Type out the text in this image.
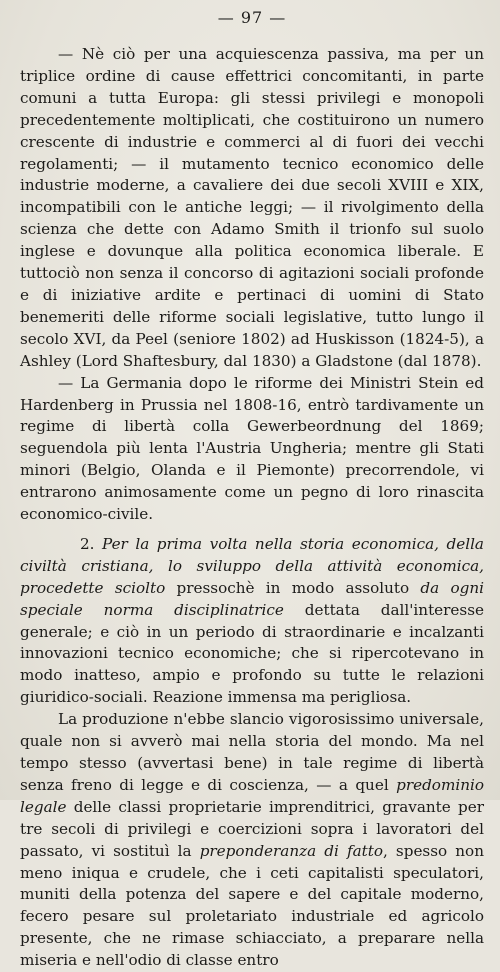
— 97 —

— Nè ciò per una acquiescenza passiva, ma per un triplice ordine di cause effettrici concomitanti, in parte comuni a tutta Europa: gli stessi privilegi e monopoli precedentemente moltiplicati, che costituirono un numero crescente di industrie e commerci al di fuori dei vecchi regolamenti; — il mutamento tecnico economico delle industrie moderne, a cavaliere dei due secoli XVIII e XIX, incompatibili con le antiche leggi; — il rivolgimento della scienza che dette con Adamo Smith il trionfo sul suolo inglese e dovunque alla politica economica liberale. E tuttociò non senza il concorso di agitazioni sociali profonde e di iniziative ardite e pertinaci di uomini di Stato benemeriti delle riforme sociali legislative, tutto lungo il secolo XVI, da Peel (seniore 1802) ad Huskisson (1824-5), a Ashley (Lord Shaftesbury, dal 1830) a Gladstone (dal 1878).

— La Germania dopo le riforme dei Ministri Stein ed Hardenberg in Prussia nel 1808-16, entrò tardivamente un regime di libertà colla Gewerbeordnung del 1869; seguendola più lenta l'Austria Ungheria; mentre gli Stati minori (Belgio, Olanda e il Piemonte) precorrendole, vi entrarono animosamente come un pegno di loro rinascita economico-civile.

2. Per la prima volta nella storia economica, della civiltà cristiana, lo sviluppo della attività economica, procedette sciolto pressochè in modo assoluto da ogni speciale norma disciplinatrice dettata dall'interesse generale; e ciò in un periodo di straordinarie e incalzanti innovazioni tecnico economiche; che si ripercotevano in modo inatteso, ampio e profondo su tutte le relazioni giuridico-sociali. Reazione immensa ma perigliosa.

La produzione n'ebbe slancio vigorosissimo universale, quale non si avverò mai nella storia del mondo. Ma nel tempo stesso (avvertasi bene) in tale regime di libertà senza freno di legge e di coscienza, — a quel predominio legale delle classi proprietarie imprenditrici, gravante per tre secoli di privilegi e coercizioni sopra i lavoratori del passato, vi sostituì la preponderanza di fatto, spesso non meno iniqua e crudele, che i ceti capitalisti speculatori, muniti della potenza del sapere e del capitale moderno, fecero pesare sul proletariato industriale ed agricolo presente, che ne rimase schiacciato, a preparare nella miseria e nell'odio di classe entro
